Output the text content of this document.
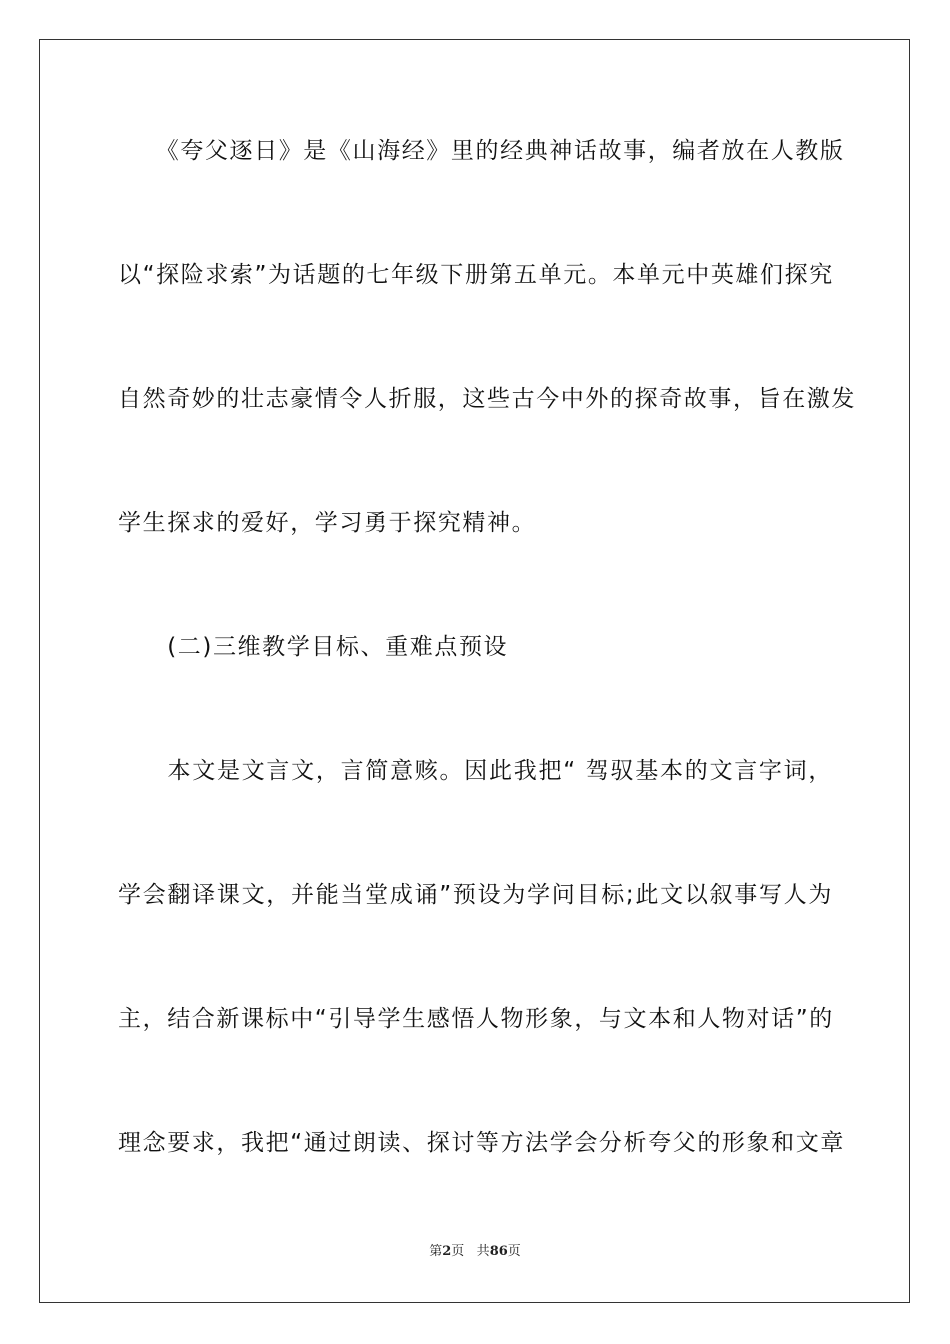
　　《夸父逐日》是《山海经》里的经典神话故事，编者放在人教版
以“探险求索”为话题的七年级下册第五单元。本单元中英雄们探究
自然奇妙的壮志豪情令人折服，这些古今中外的探奇故事，旨在激发
学生探求的爱好，学习勇于探究精神。
　　(二)三维教学目标、重难点预设
　　本文是文言文，言简意赅。因此我把“ 驾驭基本的文言字词，
学会翻译课文，并能当堂成诵”预设为学问目标;此文以叙事写人为
主，结合新课标中“引导学生感悟人物形象，与文本和人物对话”的
理念要求，我把“通过朗读、探讨等方法学会分析夸父的形象和文章
第2页 共86页
